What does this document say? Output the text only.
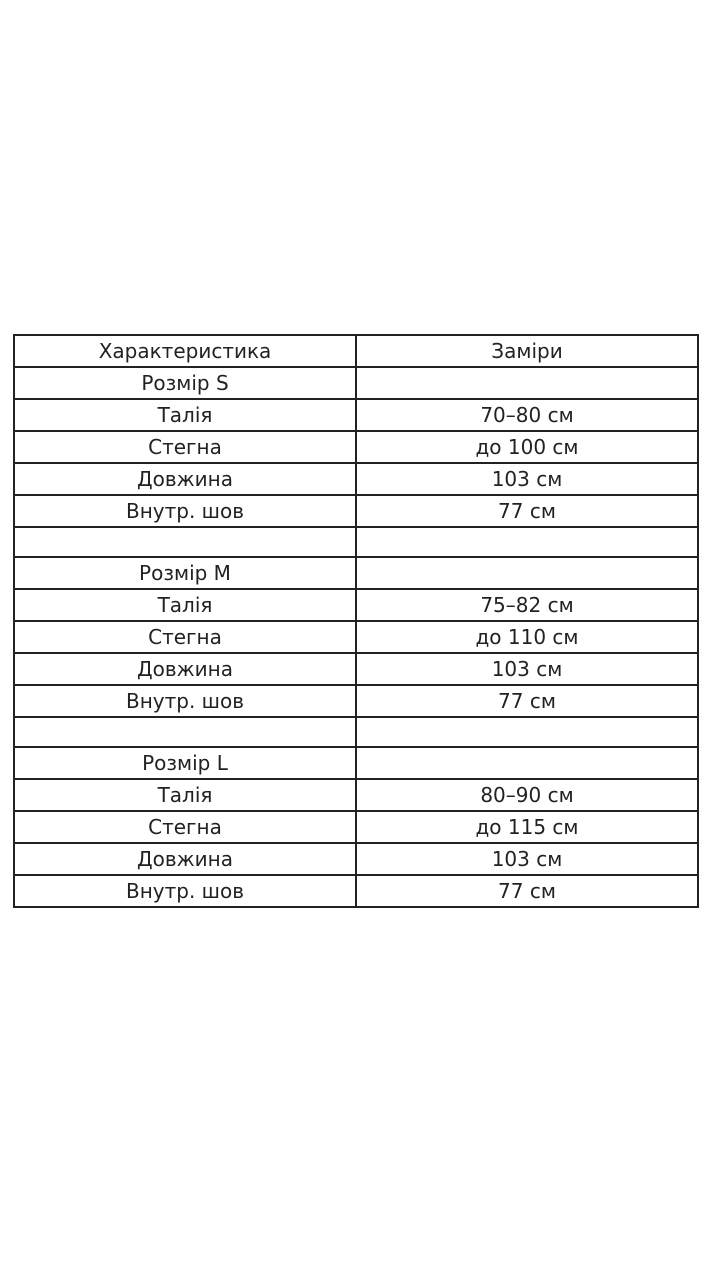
Характеристика	Заміри
Розмір S	
Талія	70–80 см
Стегна	до 100 см
Довжина	103 см
Внутр. шов	77 см

Розмір M	
Талія	75–82 см
Стегна	до 110 см
Довжина	103 см
Внутр. шов	77 см

Розмір L	
Талія	80–90 см
Стегна	до 115 см
Довжина	103 см
Внутр. шов	77 см
